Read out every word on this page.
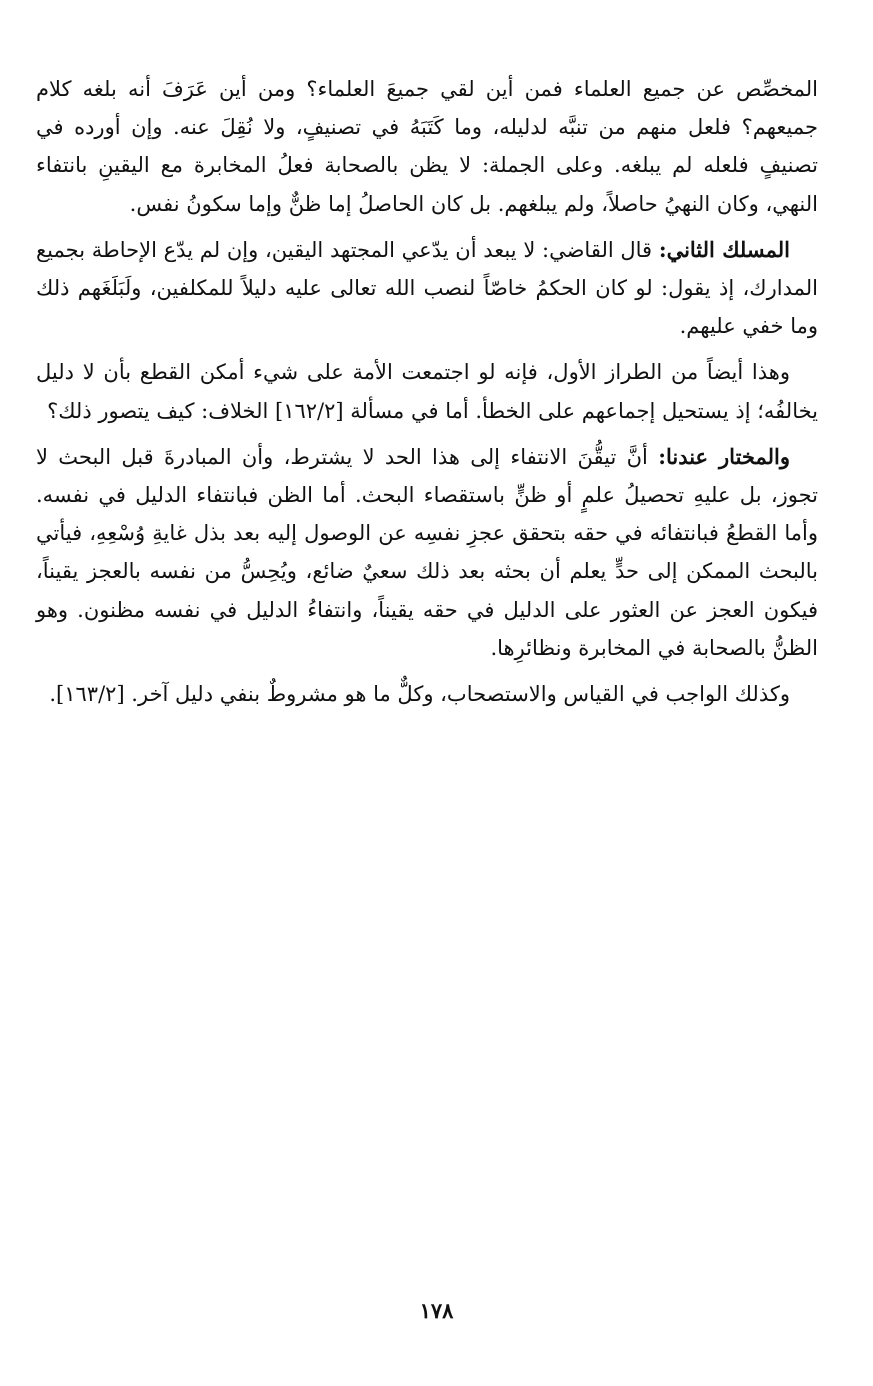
المخصِّص عن جميع العلماء فمن أين لقي جميعَ العلماء؟ ومن أين عَرَفَ أنه بلغه كلام جميعهم؟ فلعل منهم من تنبَّه لدليله، وما كَتَبَهُ في تصنيفٍ، ولا نُقِلَ عنه. وإن أورده في تصنيفٍ فلعله لم يبلغه. وعلى الجملة: لا يظن بالصحابة فعلُ المخابرة مع اليقينِ بانتفاء النهي، وكان النهيُ حاصلاً، ولم يبلغهم. بل كان الحاصلُ إما ظنٌّ وإما سكونُ نفس.

المسلك الثاني: قال القاضي: لا يبعد أن يدّعي المجتهد اليقين، وإن لم يدّع الإحاطة بجميع المدارك، إذ يقول: لو كان الحكمُ خاصّاً لنصب الله تعالى عليه دليلاً للمكلفين، ولَبَلَغَهم ذلك وما خفي عليهم.

وهذا أيضاً من الطراز الأول، فإنه لو اجتمعت الأمة على شيء أمكن القطع بأن لا دليل يخالفُه؛ إذ يستحيل إجماعهم على الخطأ. أما في مسألة [١٦٢/٢] الخلاف: كيف يتصور ذلك؟

والمختار عندنا: أنَّ تيقُّنَ الانتفاء إلى هذا الحد لا يشترط، وأن المبادرةَ قبل البحث لا تجوز، بل عليهِ تحصيلُ علمٍ أو ظنٍّ باستقصاء البحث. أما الظن فبانتفاء الدليل في نفسه. وأما القطعُ فبانتفائه في حقه بتحقق عجزِ نفسِه عن الوصول إليه بعد بذل غايةِ وُسْعِهِ، فيأتي بالبحث الممكن إلى حدٍّ يعلم أن بحثه بعد ذلك سعيٌ ضائع، ويُحِسُّ من نفسه بالعجز يقيناً، فيكون العجز عن العثور على الدليل في حقه يقيناً، وانتفاءُ الدليل في نفسه مظنون. وهو الظنُّ بالصحابة في المخابرة ونظائرِها.

وكذلك الواجب في القياس والاستصحاب، وكلٌّ ما هو مشروطٌ بنفي دليل آخر. [١٦٣/٢].

١٧٨
